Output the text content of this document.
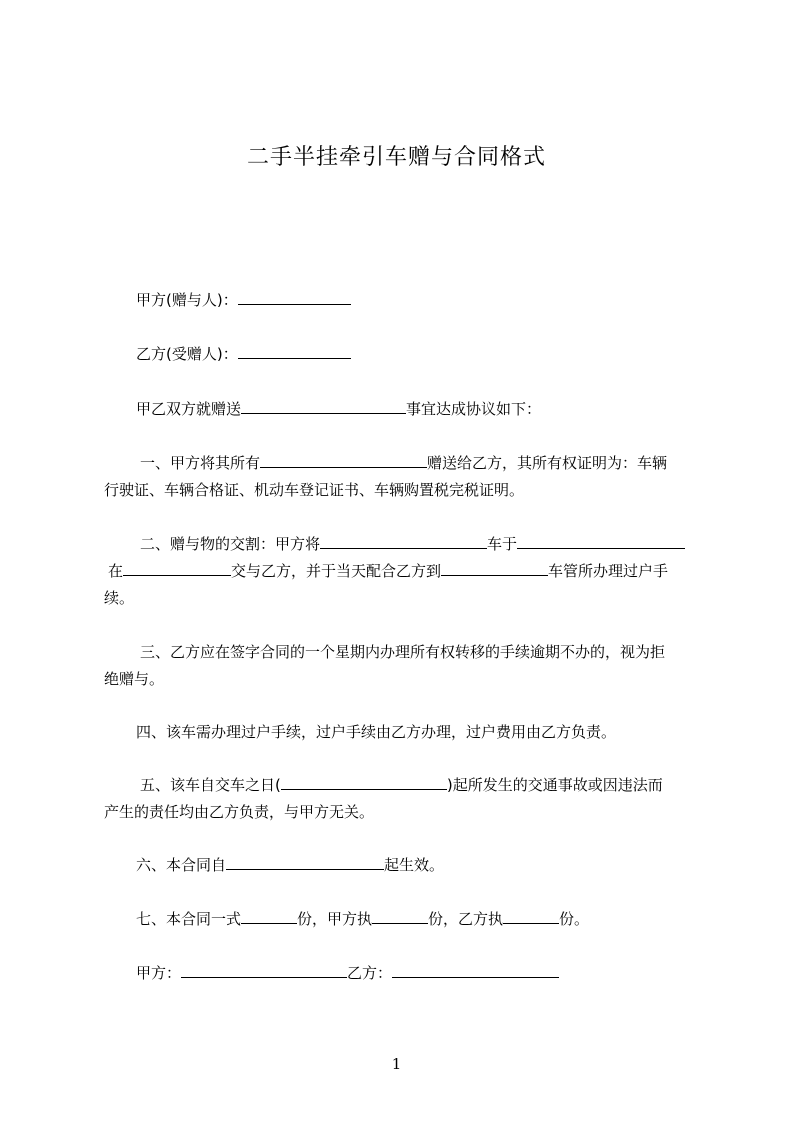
二手半挂牵引车赠与合同格式
甲方(赠与人)：
乙方(受赠人)：
甲乙双方就赠送	事宜达成协议如下：
一、甲方将其所有	赠送给乙方，其所有权证明为：车辆
行驶证、车辆合格证、机动车登记证书、车辆购置税完税证明。
二、赠与物的交割：甲方将	车于
在	交与乙方，并于当天配合乙方到	车管所办理过户手
续。
三、乙方应在签字合同的一个星期内办理所有权转移的手续逾期不办的，视为拒
绝赠与。
四、该车需办理过户手续，过户手续由乙方办理，过户费用由乙方负责。
五、该车自交车之日(	)起所发生的交通事故或因违法而
产生的责任均由乙方负责，与甲方无关。
六、本合同自	起生效。
七、本合同一式	份，甲方执	份，乙方执	份。
甲方：	乙方：
1
